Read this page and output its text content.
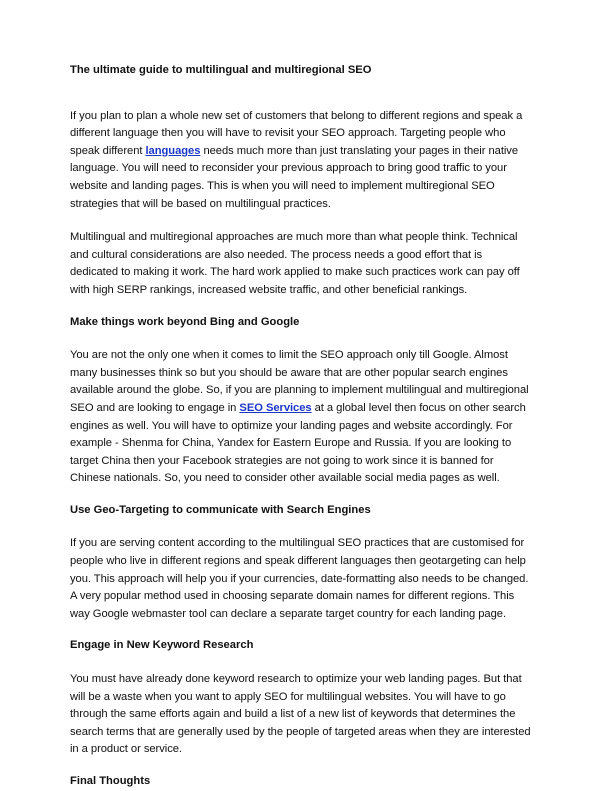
The ultimate guide to multilingual and multiregional SEO

If you plan to plan a whole new set of customers that belong to different regions and speak a different language then you will have to revisit your SEO approach. Targeting people who speak different languages needs much more than just translating your pages in their native language. You will need to reconsider your previous approach to bring good traffic to your website and landing pages. This is when you will need to implement multiregional SEO strategies that will be based on multilingual practices.

Multilingual and multiregional approaches are much more than what people think. Technical and cultural considerations are also needed. The process needs a good effort that is dedicated to making it work. The hard work applied to make such practices work can pay off with high SERP rankings, increased website traffic, and other beneficial rankings.

Make things work beyond Bing and Google

You are not the only one when it comes to limit the SEO approach only till Google. Almost many businesses think so but you should be aware that are other popular search engines available around the globe. So, if you are planning to implement multilingual and multiregional SEO and are looking to engage in SEO Services at a global level then focus on other search engines as well. You will have to optimize your landing pages and website accordingly. For example - Shenma for China, Yandex for Eastern Europe and Russia. If you are looking to target China then your Facebook strategies are not going to work since it is banned for Chinese nationals. So, you need to consider other available social media pages as well.

Use Geo-Targeting to communicate with Search Engines

If you are serving content according to the multilingual SEO practices that are customised for people who live in different regions and speak different languages then geotargeting can help you. This approach will help you if your currencies, date-formatting also needs to be changed. A very popular method used in choosing separate domain names for different regions. This way Google webmaster tool can declare a separate target country for each landing page.

Engage in New Keyword Research

You must have already done keyword research to optimize your web landing pages. But that will be a waste when you want to apply SEO for multilingual websites. You will have to go through the same efforts again and build a list of a new list of keywords that determines the search terms that are generally used by the people of targeted areas when they are interested in a product or service.

Final Thoughts
